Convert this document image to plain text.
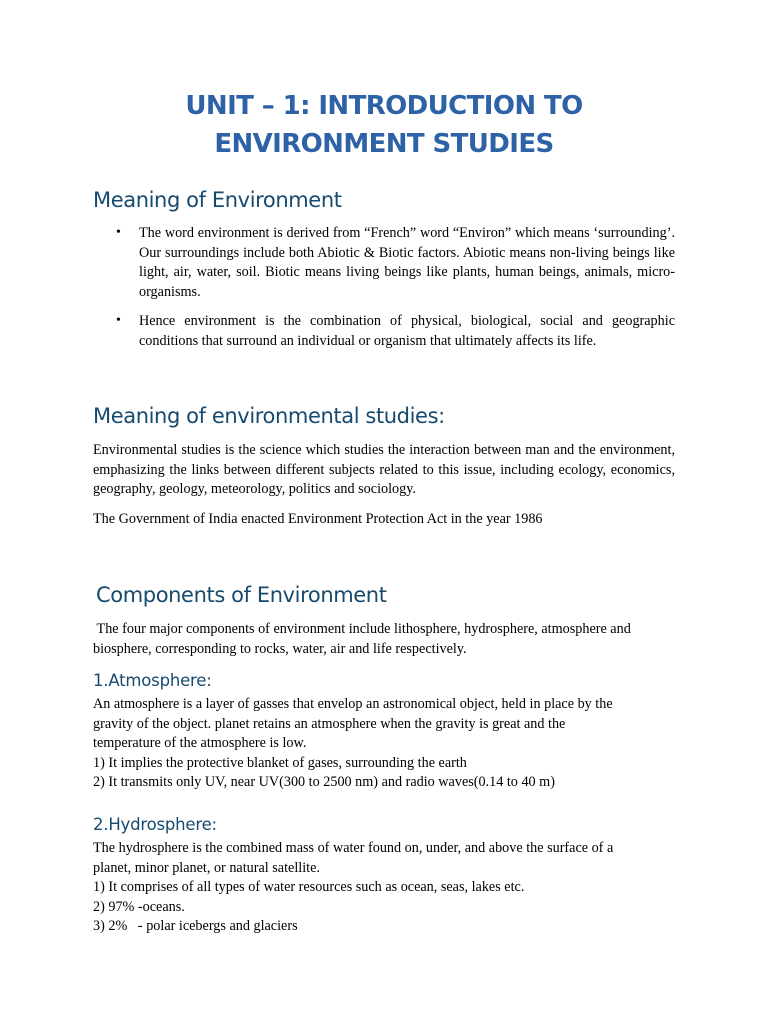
UNIT – 1: INTRODUCTION TO
ENVIRONMENT STUDIES
Meaning of Environment
• The word environment is derived from “French” word “Environ” which means ‘surrounding’. Our surroundings include both Abiotic & Biotic factors. Abiotic means non-living beings like light, air, water, soil. Biotic means living beings like plants, human beings, animals, micro-organisms.

• Hence environment is the combination of physical, biological, social and geographic conditions that surround an individual or organism that ultimately affects its life.

Meaning of environmental studies:

Environmental studies is the science which studies the interaction between man and the environment, emphasizing the links between different subjects related to this issue, including ecology, economics, geography, geology, meteorology, politics and sociology.

The Government of India enacted Environment Protection Act in the year 1986

Components of Environment

The four major components of environment include lithosphere, hydrosphere, atmosphere and biosphere, corresponding to rocks, water, air and life respectively.

1.Atmosphere:
An atmosphere is a layer of gasses that envelop an astronomical object, held in place by the
gravity of the object. planet retains an atmosphere when the gravity is great and the
temperature of the atmosphere is low.
1) It implies the protective blanket of gases, surrounding the earth
2) It transmits only UV, near UV(300 to 2500 nm) and radio waves(0.14 to 40 m)
2.Hydrosphere:
The hydrosphere is the combined mass of water found on, under, and above the surface of a
planet, minor planet, or natural satellite.
1) It comprises of all types of water resources such as ocean, seas, lakes etc.
2) 97% -oceans.
3) 2%   - polar icebergs and glaciers
